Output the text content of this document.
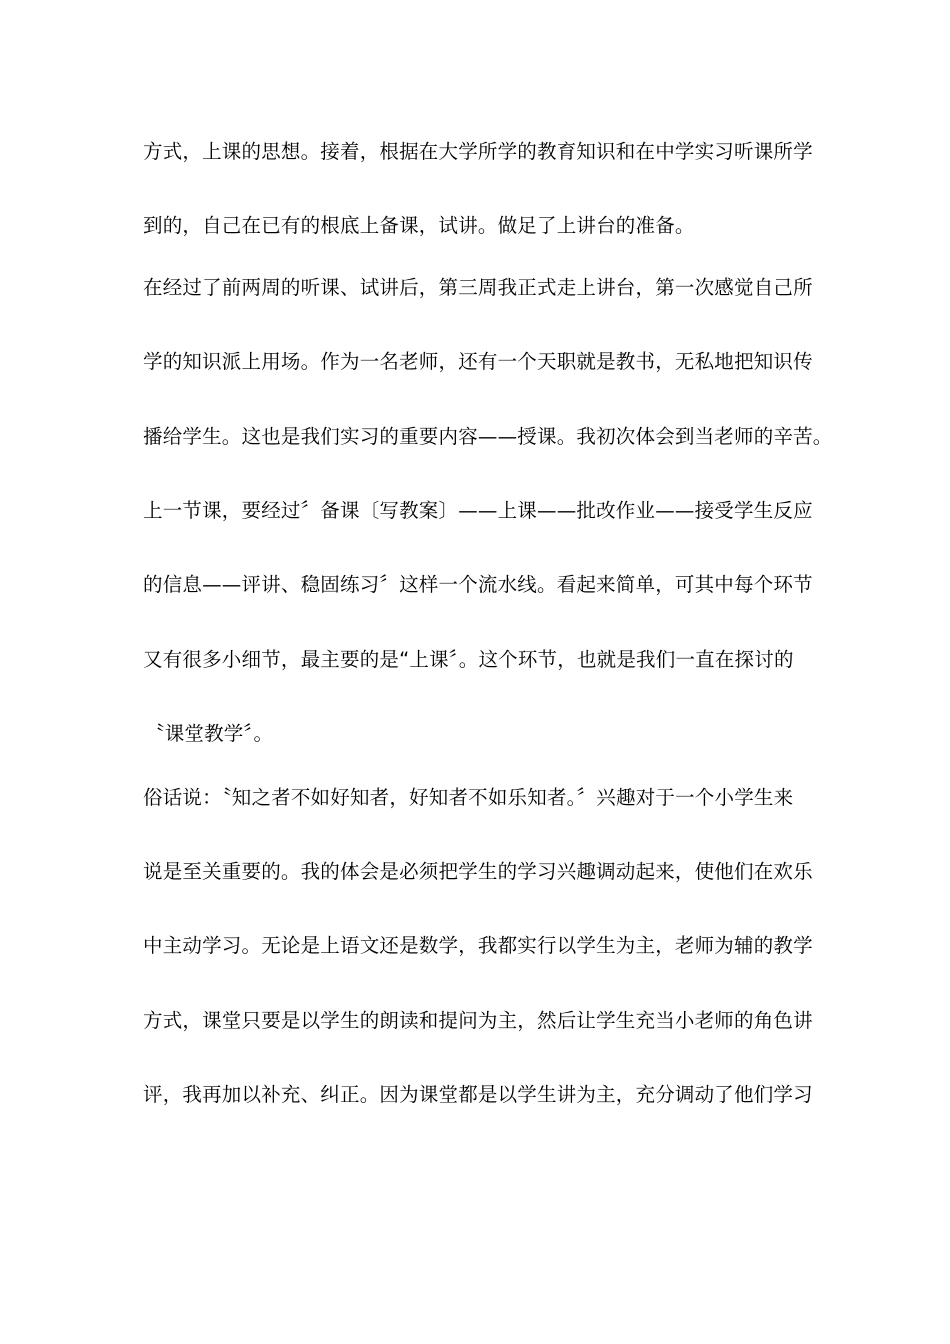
方式，上课的思想。接着，根据在大学所学的教育知识和在中学实习听课所学
到的，自己在已有的根底上备课，试讲。做足了上讲台的准备。
在经过了前两周的听课、试讲后，第三周我正式走上讲台，第一次感觉自己所
学的知识派上用场。作为一名老师，还有一个天职就是教书，无私地把知识传
播给学生。这也是我们实习的重要内容——授课。我初次体会到当老师的辛苦。
上一节课，要经过〞备课〔写教案〕——上课——批改作业——接受学生反应
的信息——评讲、稳固练习〞这样一个流水线。看起来简单，可其中每个环节
又有很多小细节，最主要的是“上课〞。这个环节，也就是我们一直在探讨的
〝课堂教学〞。
俗话说：〝知之者不如好知者，好知者不如乐知者。〞兴趣对于一个小学生来
说是至关重要的。我的体会是必须把学生的学习兴趣调动起来，使他们在欢乐
中主动学习。无论是上语文还是数学，我都实行以学生为主，老师为辅的教学
方式，课堂只要是以学生的朗读和提问为主，然后让学生充当小老师的角色讲
评，我再加以补充、纠正。因为课堂都是以学生讲为主，充分调动了他们学习
